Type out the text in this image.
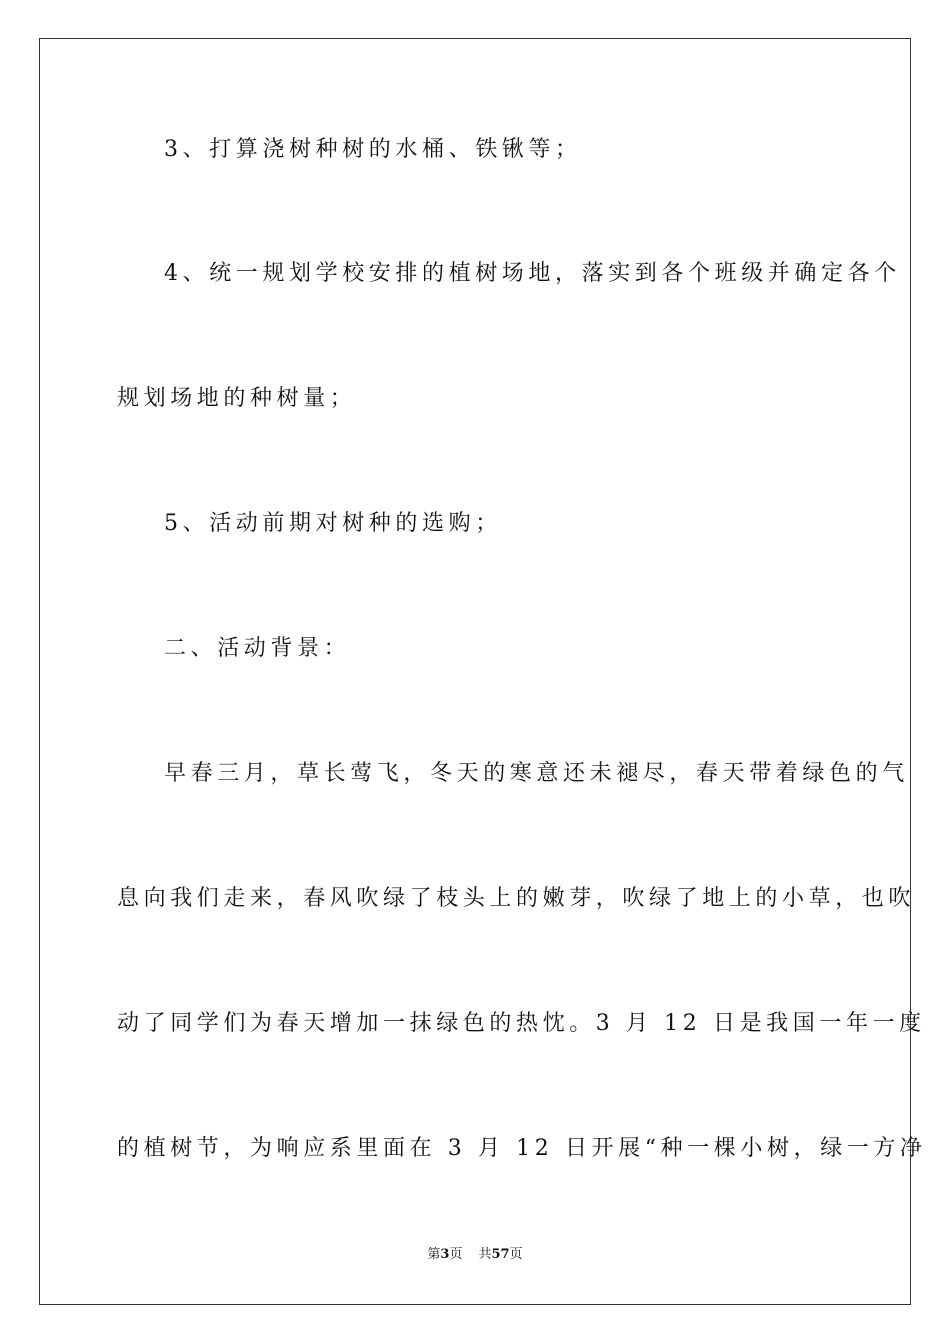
3、打算浇树种树的水桶、铁锹等；
4、统一规划学校安排的植树场地，落实到各个班级并确定各个
规划场地的种树量；
5、活动前期对树种的选购；
二、活动背景：
早春三月，草长莺飞，冬天的寒意还未褪尽，春天带着绿色的气
息向我们走来，春风吹绿了枝头上的嫩芽，吹绿了地上的小草，也吹
动了同学们为春天增加一抹绿色的热忱。3 月 12 日是我国一年一度
的植树节，为响应系里面在 3 月 12 日开展“种一棵小树，绿一方净
第3页 共57页
